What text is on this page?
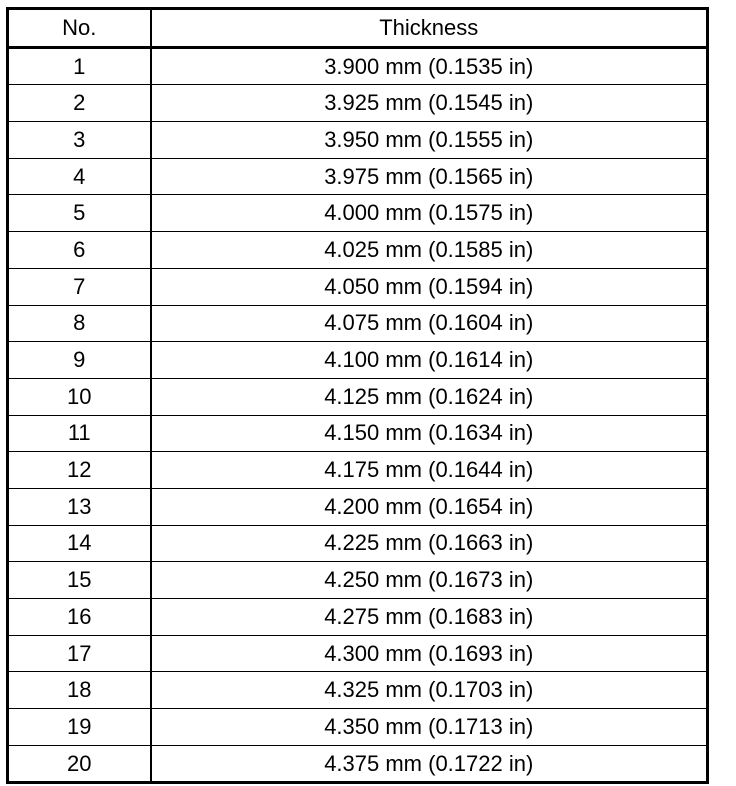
No.	Thickness
1	3.900 mm (0.1535 in)
2	3.925 mm (0.1545 in)
3	3.950 mm (0.1555 in)
4	3.975 mm (0.1565 in)
5	4.000 mm (0.1575 in)
6	4.025 mm (0.1585 in)
7	4.050 mm (0.1594 in)
8	4.075 mm (0.1604 in)
9	4.100 mm (0.1614 in)
10	4.125 mm (0.1624 in)
11	4.150 mm (0.1634 in)
12	4.175 mm (0.1644 in)
13	4.200 mm (0.1654 in)
14	4.225 mm (0.1663 in)
15	4.250 mm (0.1673 in)
16	4.275 mm (0.1683 in)
17	4.300 mm (0.1693 in)
18	4.325 mm (0.1703 in)
19	4.350 mm (0.1713 in)
20	4.375 mm (0.1722 in)
